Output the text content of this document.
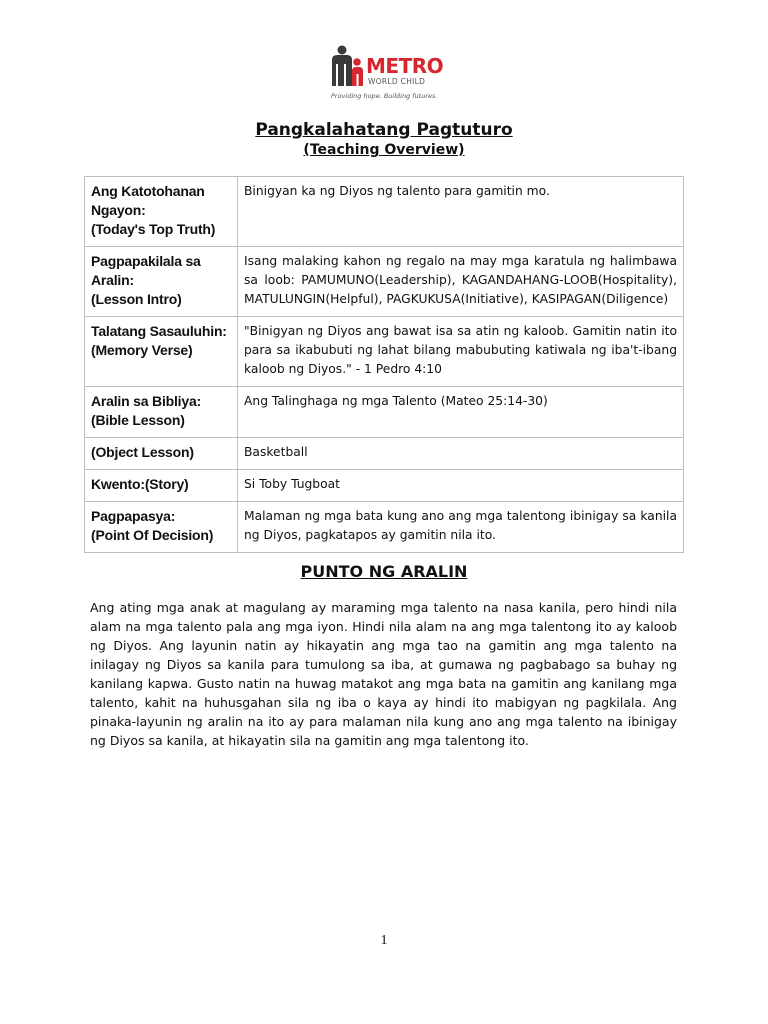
METRO
WORLD CHILD
Providing hope. Building futures.
Pangkalahatang Pagtuturo
(Teaching Overview)
Ang Katotohanan
Ngayon:
(Today's Top Truth)	Binigyan ka ng Diyos ng talento para gamitin mo.
Pagpapakilala sa
Aralin:
(Lesson Intro)	Isang malaking kahon ng regalo na may mga karatula ng halimbawa sa loob: PAMUMUNO(Leadership), KAGANDAHANG-LOOB(Hospitality), MATULUNGIN(Helpful), PAGKUKUSA(Initiative), KASIPAGAN(Diligence)
Talatang Sasauluhin:
(Memory Verse)	"Binigyan ng Diyos ang bawat isa sa atin ng kaloob. Gamitin natin ito para sa ikabubuti ng lahat bilang mabubuting katiwala ng iba't-ibang kaloob ng Diyos." - 1 Pedro 4:10
Aralin sa Bibliya:
(Bible Lesson)	Ang Talinghaga ng mga Talento (Mateo 25:14-30)
(Object Lesson)	Basketball
Kwento:(Story)	Si Toby Tugboat
Pagpapasya:
(Point Of Decision)	Malaman ng mga bata kung ano ang mga talentong ibinigay sa kanila ng Diyos, pagkatapos ay gamitin nila ito.
PUNTO NG ARALIN

Ang ating mga anak at magulang ay maraming mga talento na nasa kanila, pero hindi nila alam na mga talento pala ang mga iyon. Hindi nila alam na ang mga talentong ito ay kaloob ng Diyos. Ang layunin natin ay hikayatin ang mga tao na gamitin ang mga talento na inilagay ng Diyos sa kanila para tumulong sa iba, at gumawa ng pagbabago sa buhay ng kanilang kapwa. Gusto natin na huwag matakot ang mga bata na gamitin ang kanilang mga talento, kahit na huhusgahan sila ng iba o kaya ay hindi ito mabigyan ng pagkilala. Ang pinaka-layunin ng aralin na ito ay para malaman nila kung ano ang mga talento na ibinigay ng Diyos sa kanila, at hikayatin sila na gamitin ang mga talentong ito.

1
